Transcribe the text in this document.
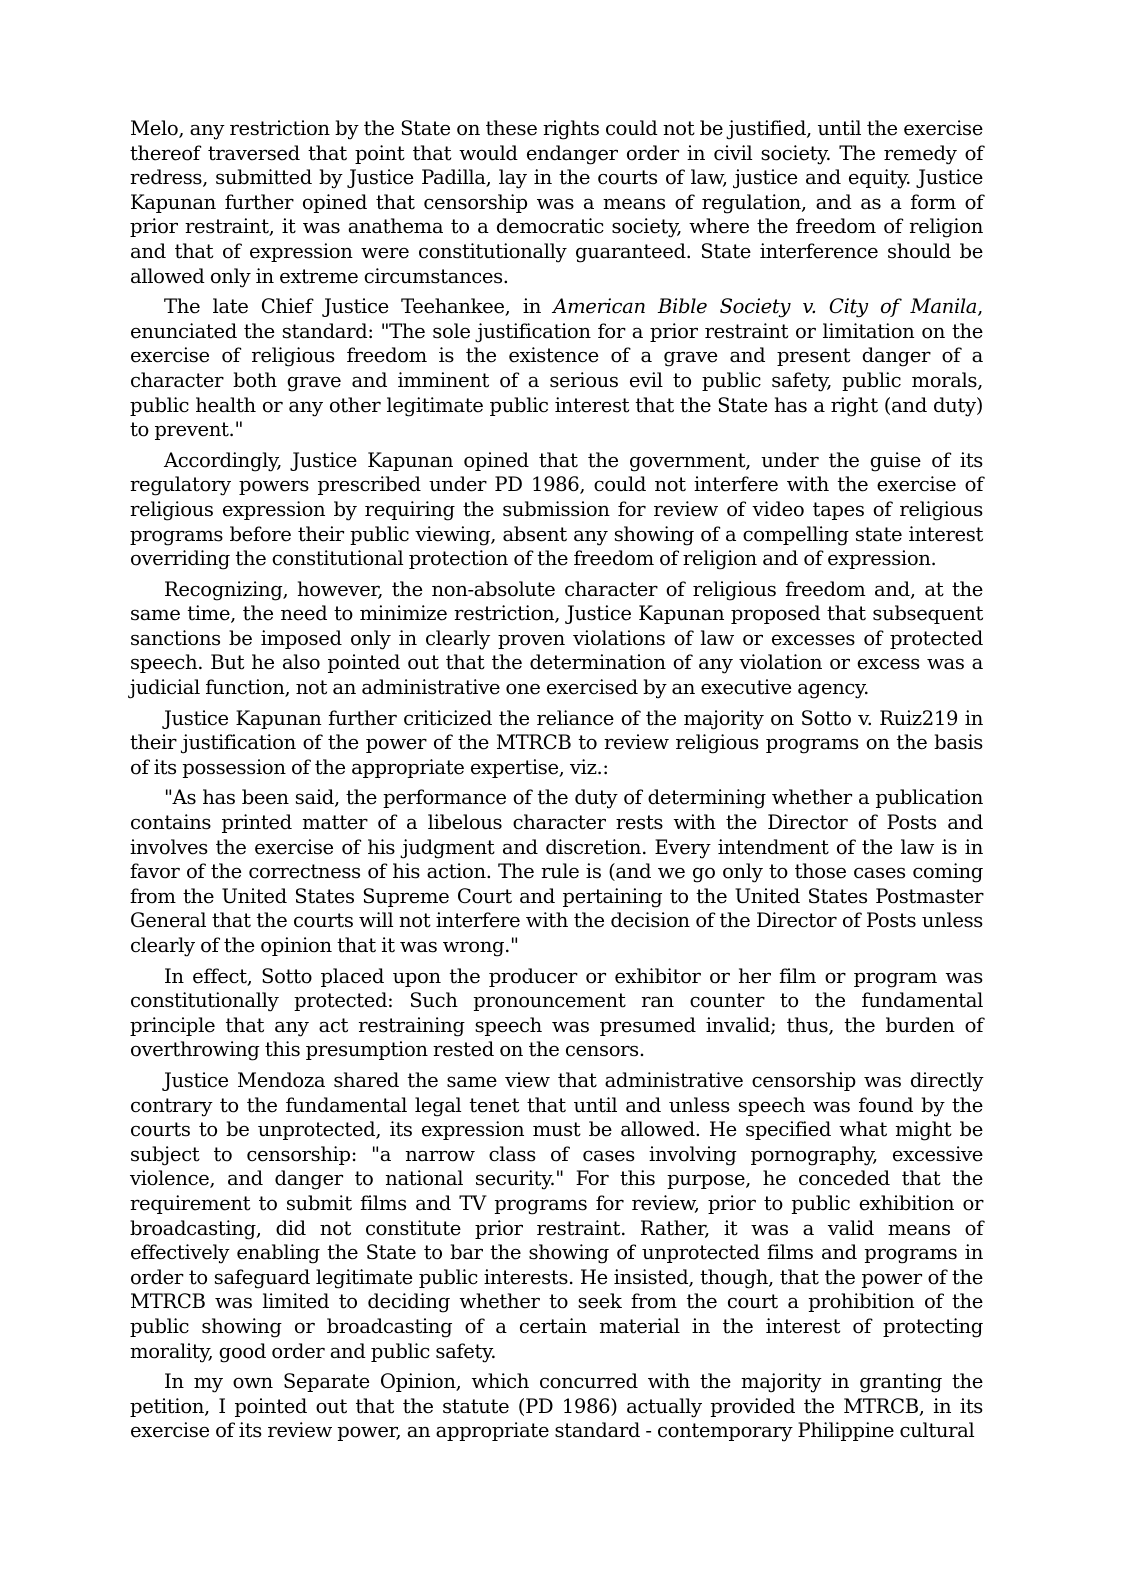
Melo, any restriction by the State on these rights could not be justified, until the exercise thereof traversed that point that would endanger order in civil society. The remedy of redress, submitted by Justice Padilla, lay in the courts of law, justice and equity. Justice Kapunan further opined that censorship was a means of regulation, and as a form of prior restraint, it was anathema to a democratic society, where the freedom of religion and that of expression were constitutionally guaranteed. State interference should be allowed only in extreme circumstances.

The late Chief Justice Teehankee, in American Bible Society v. City of Manila, enunciated the standard: "The sole justification for a prior restraint or limitation on the exercise of religious freedom is the existence of a grave and present danger of a character both grave and imminent of a serious evil to public safety, public morals, public health or any other legitimate public interest that the State has a right (and duty) to prevent."

Accordingly, Justice Kapunan opined that the government, under the guise of its regulatory powers prescribed under PD 1986, could not interfere with the exercise of religious expression by requiring the submission for review of video tapes of religious programs before their public viewing, absent any showing of a compelling state interest overriding the constitutional protection of the freedom of religion and of expression.

Recognizing, however, the non-absolute character of religious freedom and, at the same time, the need to minimize restriction, Justice Kapunan proposed that subsequent sanctions be imposed only in clearly proven violations of law or excesses of protected speech. But he also pointed out that the determination of any violation or excess was a judicial function, not an administrative one exercised by an executive agency.

Justice Kapunan further criticized the reliance of the majority on Sotto v. Ruiz219 in their justification of the power of the MTRCB to review religious programs on the basis of its possession of the appropriate expertise, viz.:

"As has been said, the performance of the duty of determining whether a publication contains printed matter of a libelous character rests with the Director of Posts and involves the exercise of his judgment and discretion. Every intendment of the law is in favor of the correctness of his action. The rule is (and we go only to those cases coming from the United States Supreme Court and pertaining to the United States Postmaster General that the courts will not interfere with the decision of the Director of Posts unless clearly of the opinion that it was wrong."

In effect, Sotto placed upon the producer or exhibitor or her film or program was constitutionally protected: Such pronouncement ran counter to the fundamental principle that any act restraining speech was presumed invalid; thus, the burden of overthrowing this presumption rested on the censors.

Justice Mendoza shared the same view that administrative censorship was directly contrary to the fundamental legal tenet that until and unless speech was found by the courts to be unprotected, its expression must be allowed. He specified what might be subject to censorship: "a narrow class of cases involving pornography, excessive violence, and danger to national security." For this purpose, he conceded that the requirement to submit films and TV programs for review, prior to public exhibition or broadcasting, did not constitute prior restraint. Rather, it was a valid means of effectively enabling the State to bar the showing of unprotected films and programs in order to safeguard legitimate public interests. He insisted, though, that the power of the MTRCB was limited to deciding whether to seek from the court a prohibition of the public showing or broadcasting of a certain material in the interest of protecting morality, good order and public safety.

In my own Separate Opinion, which concurred with the majority in granting the petition, I pointed out that the statute (PD 1986) actually provided the MTRCB, in its exercise of its review power, an appropriate standard - contemporary Philippine cultural
